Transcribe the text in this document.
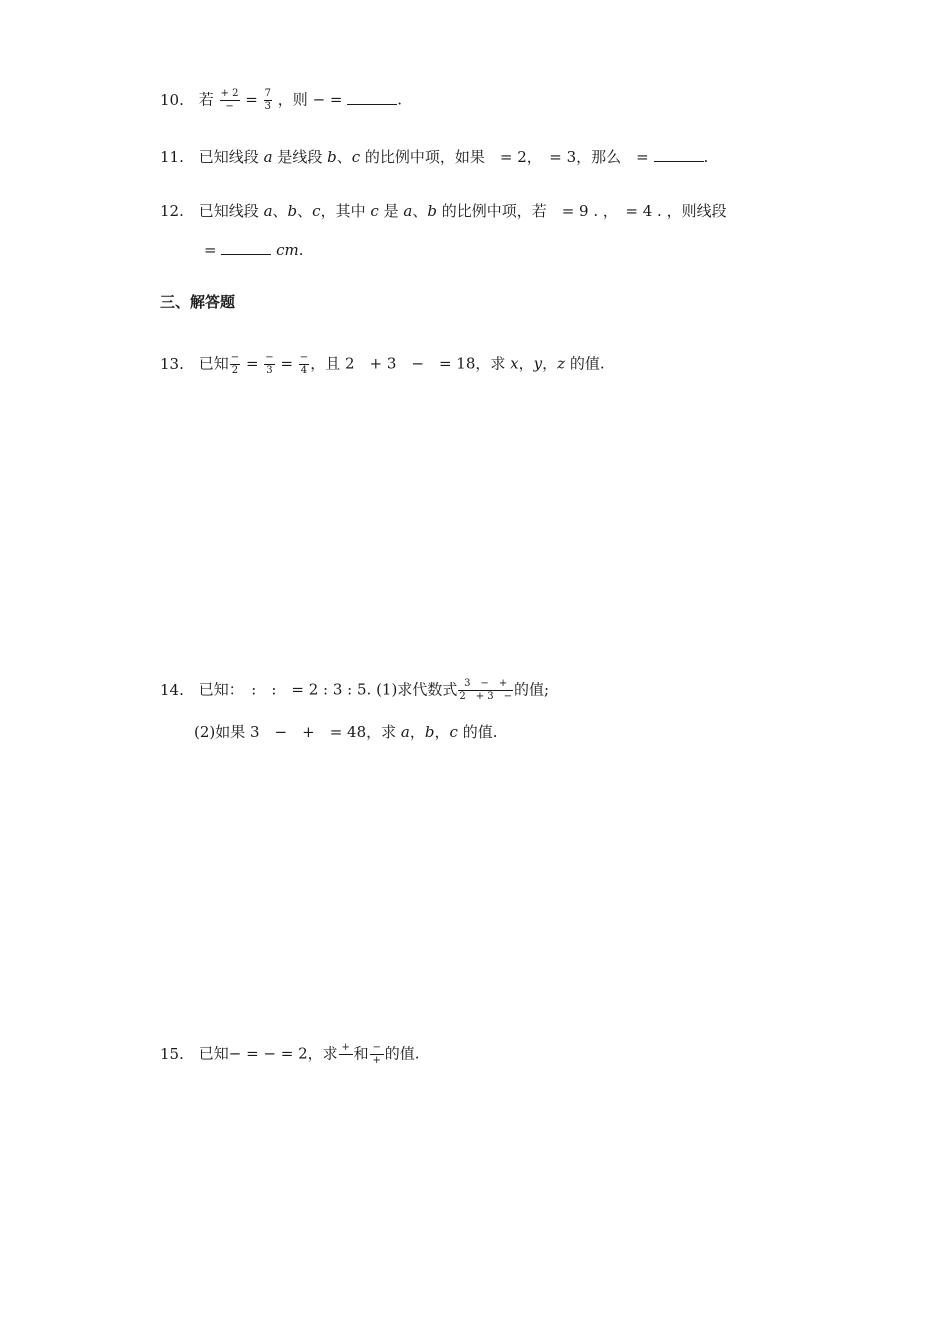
10. 若 $\frac{+ 2}{-} = \frac{7}{3}$ ，则 − =	.
11. 已知线段 a 是线段 b、c 的比例中项，如果　= 2，　= 3，那么　=	.
12. 已知线段 a、b、c，其中 c 是 a、b 的比例中项，若　= 9 . ，　= 4 . ，则线段
=	cm.
三、解答题
13. 已知 $\frac{-}{2} = \frac{-}{3} = \frac{-}{4}$ ，且 2　+ 3　−　= 18，求 x，y，z 的值.
14. 已知：　:　:　= 2 : 3 : 5. (1)求代数式 $\frac{3 - +}{2 + 3 -}$ 的值;
(2)如果 3　−　+　= 48，求 a，b，c 的值.
15. 已知− = − = 2，求 +
和 $\frac{-}{+}$ 的值.
